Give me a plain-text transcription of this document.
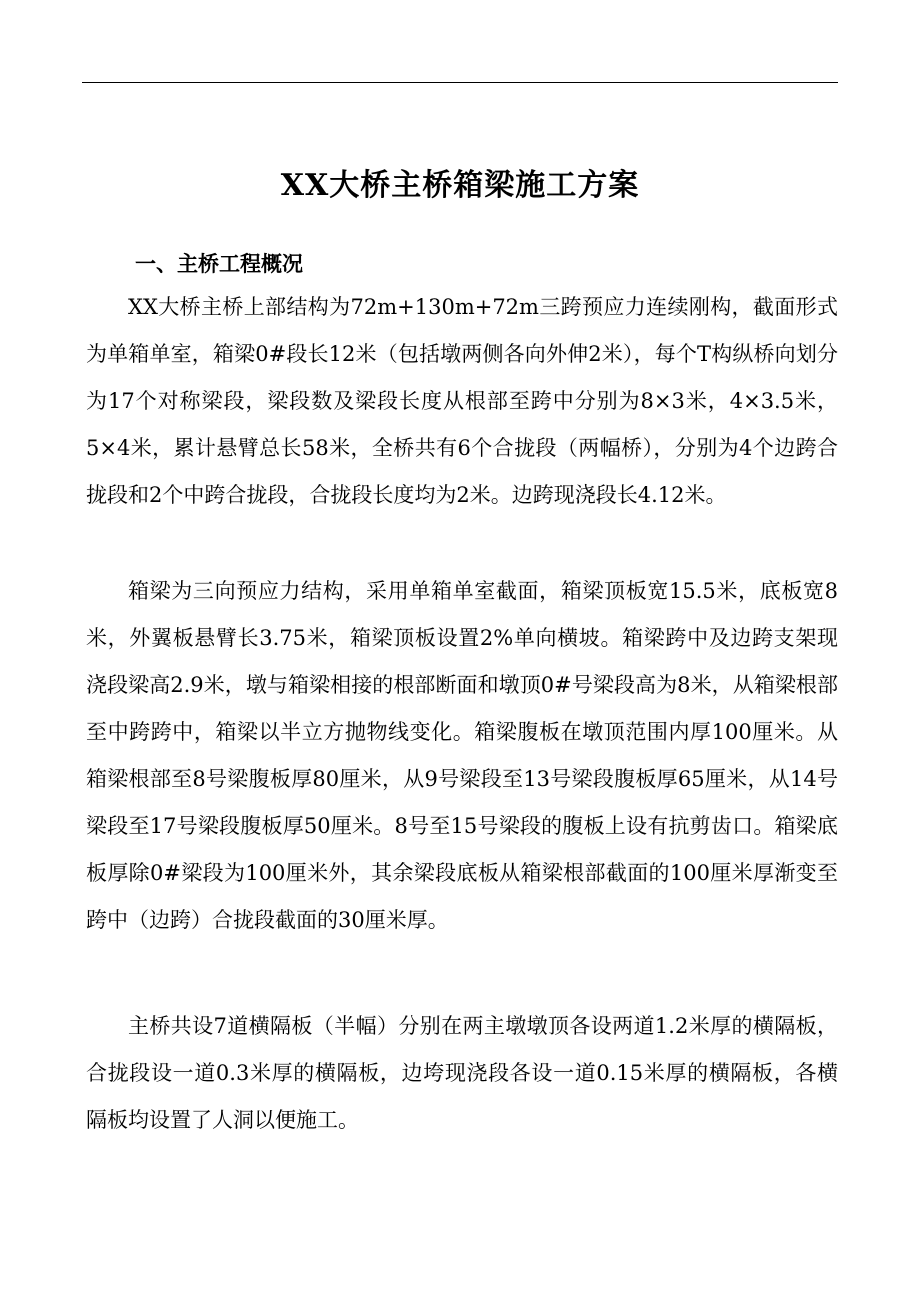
XX大桥主桥箱梁施工方案
一、主桥工程概况

XX大桥主桥上部结构为72m+130m+72m三跨预应力连续刚构，截面形式为单箱单室，箱梁0#段长12米（包括墩两侧各向外伸2米），每个T构纵桥向划分为17个对称梁段，梁段数及梁段长度从根部至跨中分别为8×3米，4×3.5米，5×4米，累计悬臂总长58米，全桥共有6个合拢段（两幅桥），分别为4个边跨合拢段和2个中跨合拢段，合拢段长度均为2米。边跨现浇段长4.12米。

箱梁为三向预应力结构，采用单箱单室截面，箱梁顶板宽15.5米，底板宽8米，外翼板悬臂长3.75米，箱梁顶板设置2%单向横坡。箱梁跨中及边跨支架现浇段梁高2.9米，墩与箱梁相接的根部断面和墩顶0#号梁段高为8米，从箱梁根部至中跨跨中，箱梁以半立方抛物线变化。箱梁腹板在墩顶范围内厚100厘米。从箱梁根部至8号梁腹板厚80厘米，从9号梁段至13号梁段腹板厚65厘米，从14号梁段至17号梁段腹板厚50厘米。8号至15号梁段的腹板上设有抗剪齿口。箱梁底板厚除0#梁段为100厘米外，其余梁段底板从箱梁根部截面的100厘米厚渐变至跨中（边跨）合拢段截面的30厘米厚。

主桥共设7道横隔板（半幅）分别在两主墩墩顶各设两道1.2米厚的横隔板，合拢段设一道0.3米厚的横隔板，边垮现浇段各设一道0.15米厚的横隔板，各横隔板均设置了人洞以便施工。
